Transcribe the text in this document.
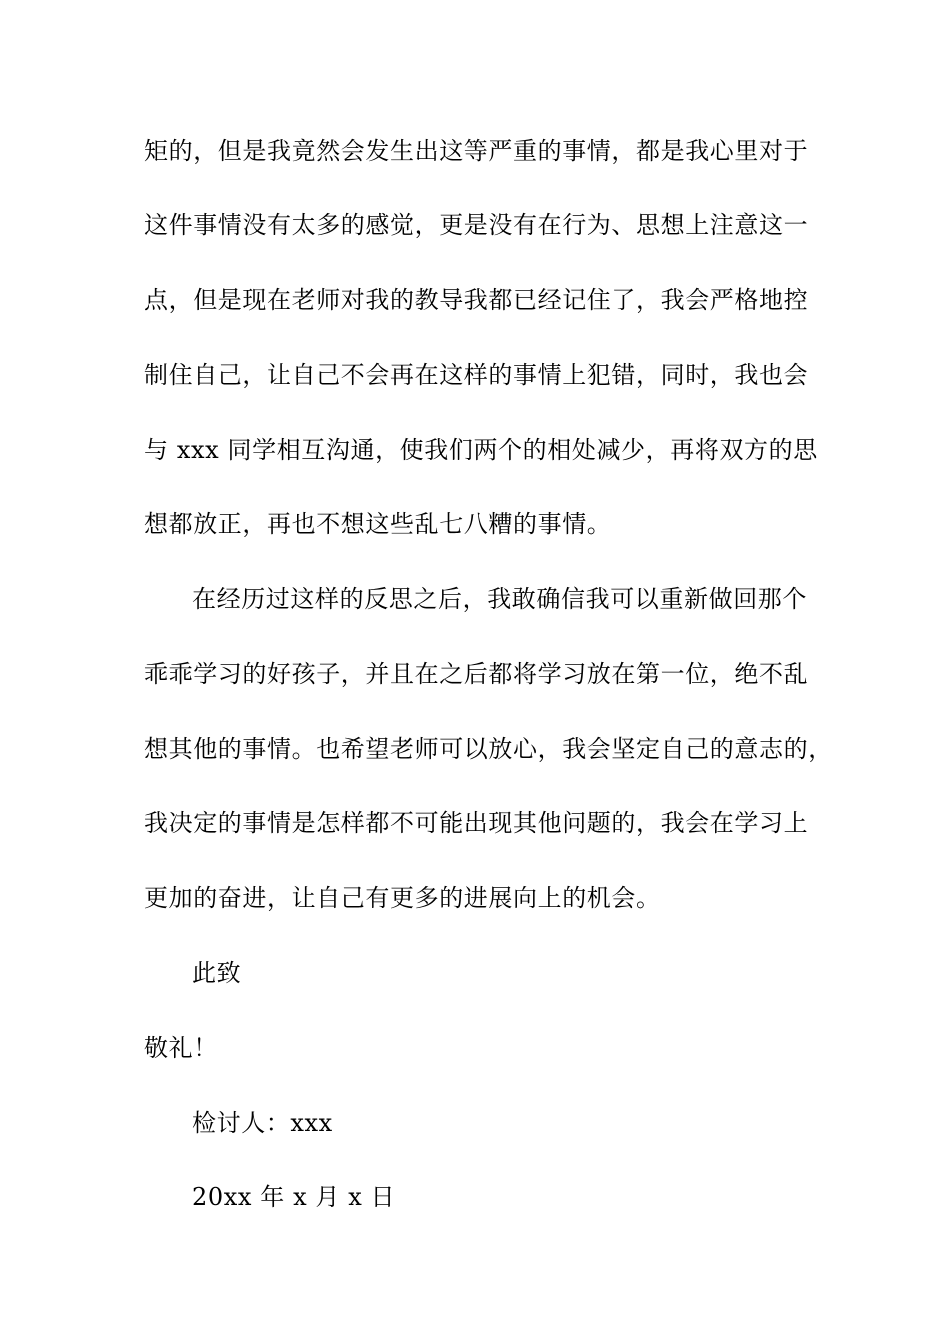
矩的，但是我竟然会发生出这等严重的事情，都是我心里对于
这件事情没有太多的感觉，更是没有在行为、思想上注意这一
点，但是现在老师对我的教导我都已经记住了，我会严格地控
制住自己，让自己不会再在这样的事情上犯错，同时，我也会
与 xxx 同学相互沟通，使我们两个的相处减少，再将双方的思
想都放正，再也不想这些乱七八糟的事情。
在经历过这样的反思之后，我敢确信我可以重新做回那个
乖乖学习的好孩子，并且在之后都将学习放在第一位，绝不乱
想其他的事情。也希望老师可以放心，我会坚定自己的意志的，
我决定的事情是怎样都不可能出现其他问题的，我会在学习上
更加的奋进，让自己有更多的进展向上的机会。
此致
敬礼！
检讨人：xxx
20xx 年 x 月 x 日
